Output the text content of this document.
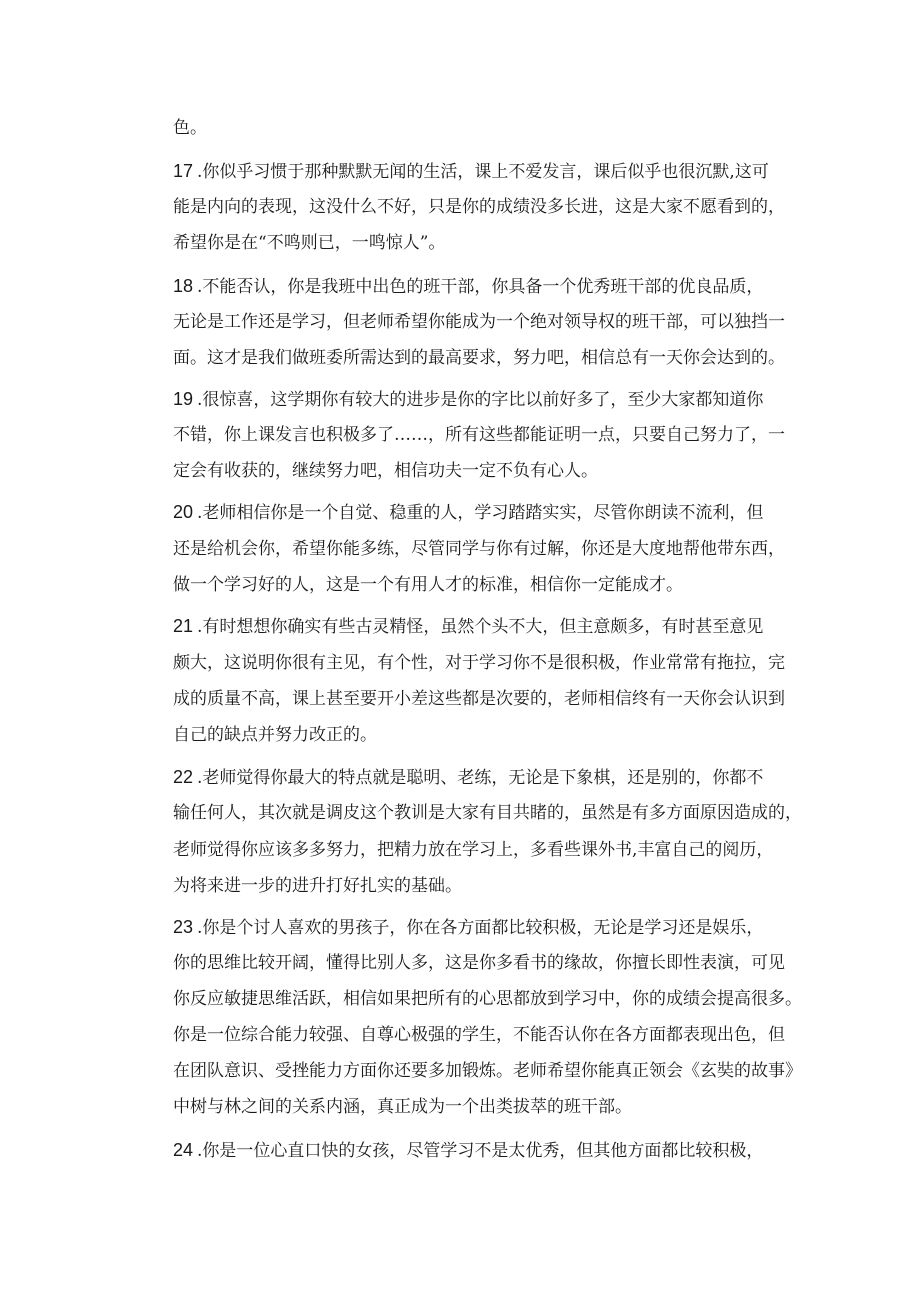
色。
17 .你似乎习惯于那种默默无闻的生活，课上不爱发言，课后似乎也很沉默,这可
能是内向的表现，这没什么不好，只是你的成绩没多长进，这是大家不愿看到的，
希望你是在“不鸣则已，一鸣惊人”。
18 .不能否认，你是我班中出色的班干部，你具备一个优秀班干部的优良品质，
无论是工作还是学习，但老师希望你能成为一个绝对领导权的班干部，可以独挡一
面。这才是我们做班委所需达到的最高要求，努力吧，相信总有一天你会达到的。
19 .很惊喜，这学期你有较大的进步是你的字比以前好多了，至少大家都知道你
不错，你上课发言也积极多了……，所有这些都能证明一点，只要自己努力了，一
定会有收获的，继续努力吧，相信功夫一定不负有心人。
20 .老师相信你是一个自觉、稳重的人，学习踏踏实实，尽管你朗读不流利，但
还是给机会你，希望你能多练，尽管同学与你有过解，你还是大度地帮他带东西，
做一个学习好的人，这是一个有用人才的标准，相信你一定能成才。
21 .有时想想你确实有些古灵精怪，虽然个头不大，但主意颇多，有时甚至意见
颇大，这说明你很有主见，有个性，对于学习你不是很积极，作业常常有拖拉，完
成的质量不高，课上甚至要开小差这些都是次要的，老师相信终有一天你会认识到
自己的缺点并努力改正的。
22 .老师觉得你最大的特点就是聪明、老练，无论是下象棋，还是别的，你都不
输任何人，其次就是调皮这个教训是大家有目共睹的，虽然是有多方面原因造成的，
老师觉得你应该多多努力，把精力放在学习上，多看些课外书,丰富自己的阅历，
为将来进一步的进升打好扎实的基础。
23 .你是个讨人喜欢的男孩子，你在各方面都比较积极，无论是学习还是娱乐，
你的思维比较开阔，懂得比别人多，这是你多看书的缘故，你擅长即性表演，可见
你反应敏捷思维活跃，相信如果把所有的心思都放到学习中，你的成绩会提高很多。
你是一位综合能力较强、自尊心极强的学生，不能否认你在各方面都表现出色，但
在团队意识、受挫能力方面你还要多加锻炼。老师希望你能真正领会《玄奘的故事》
中树与林之间的关系内涵，真正成为一个出类拔萃的班干部。
24 .你是一位心直口快的女孩，尽管学习不是太优秀，但其他方面都比较积极，
